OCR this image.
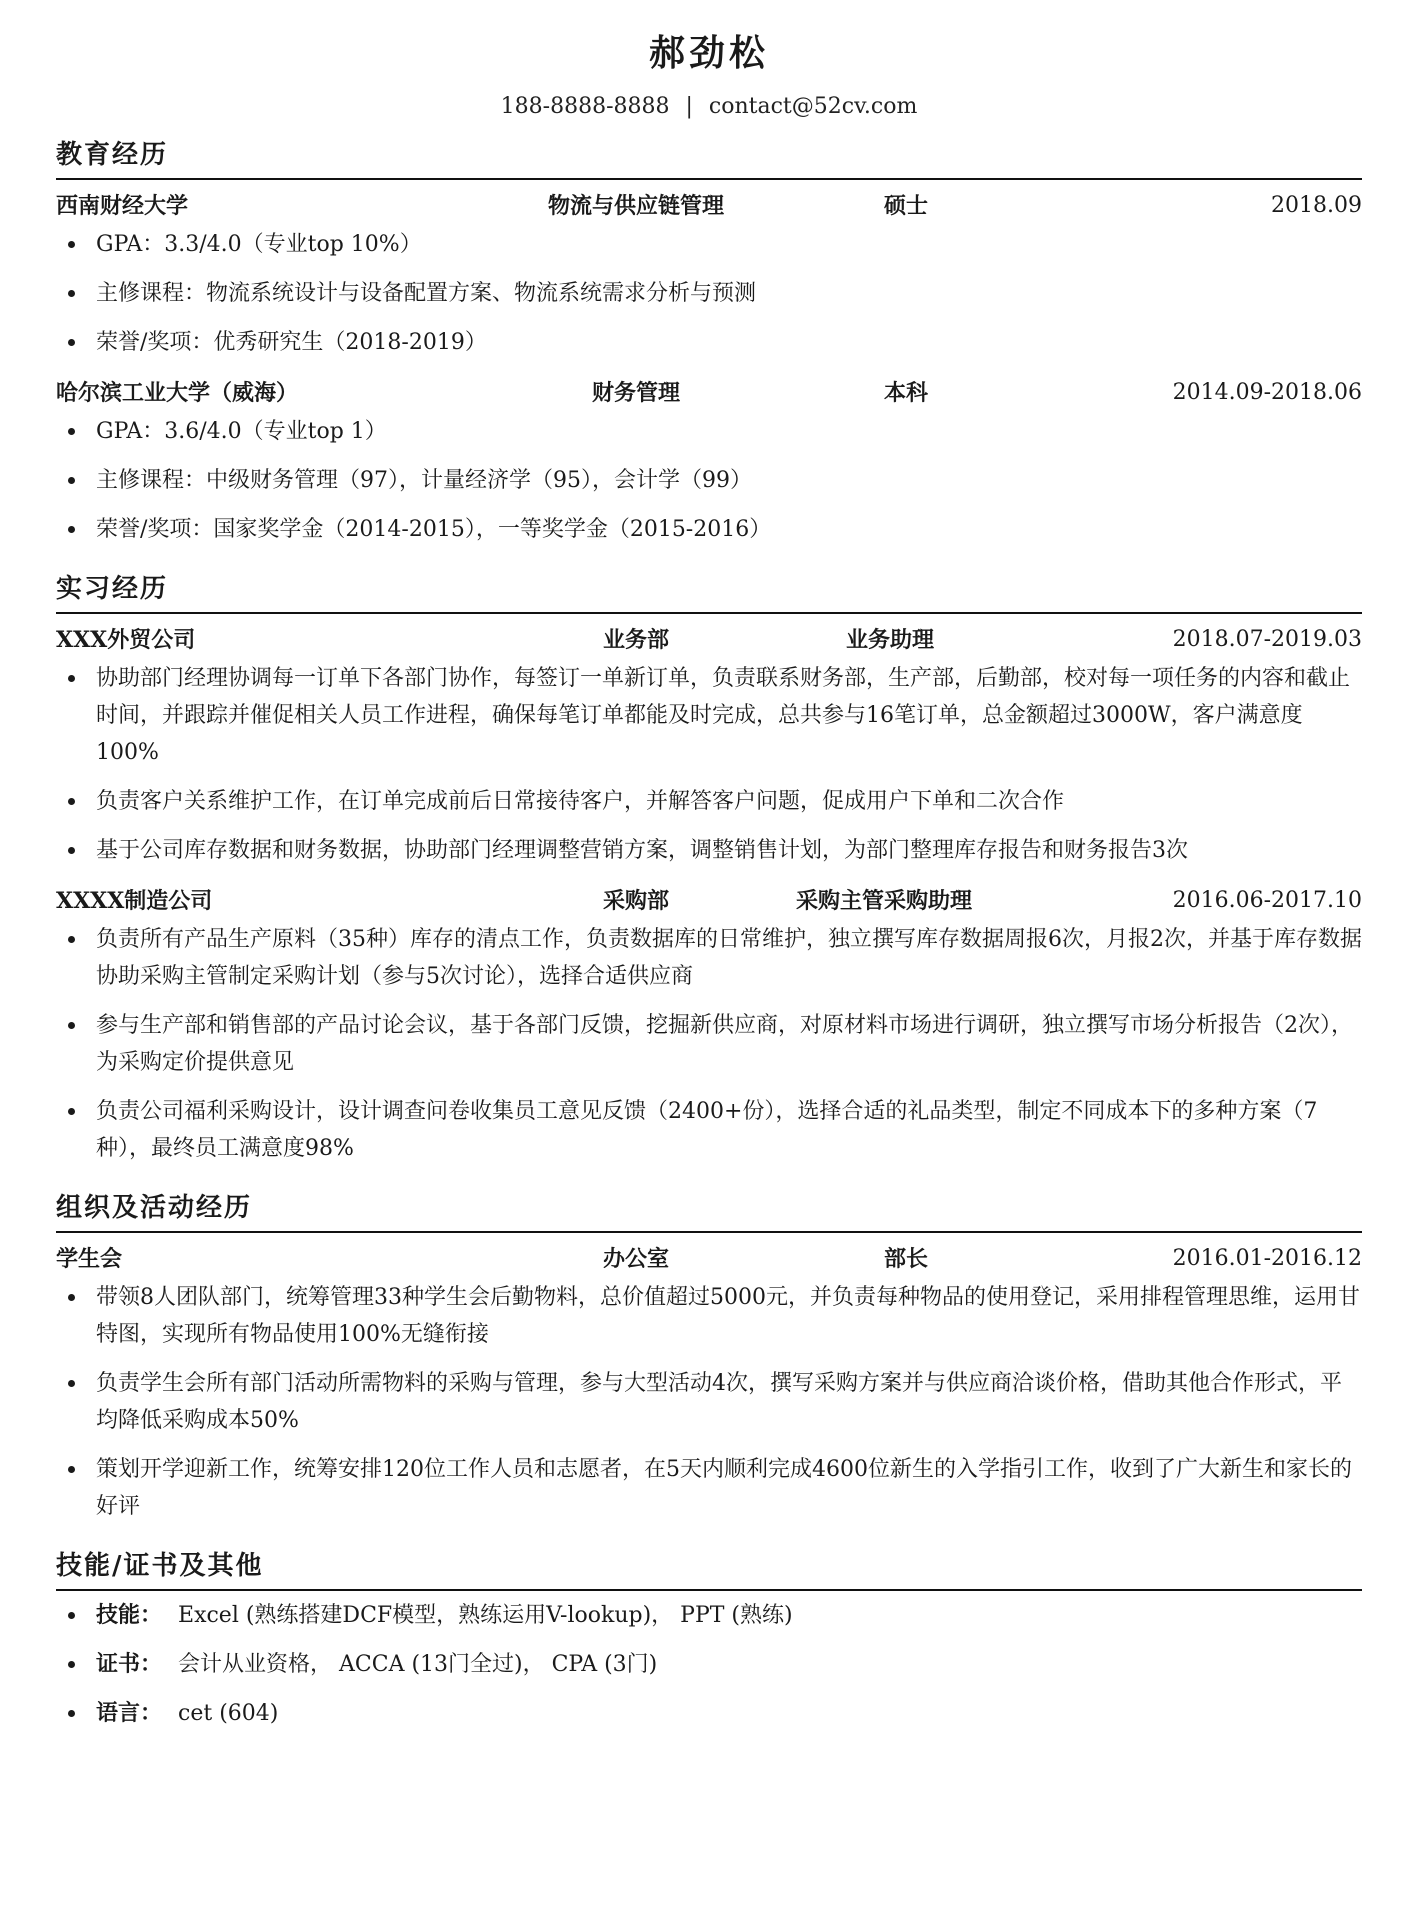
郝劲松
188-8888-8888 | contact@52cv.com
教育经历
西南财经大学	物流与供应链管理	硕士	2018.09
GPA：3.3/4.0（专业top 10%）
主修课程：物流系统设计与设备配置方案、物流系统需求分析与预测
荣誉/奖项：优秀研究生（2018-2019）
哈尔滨工业大学（威海）	财务管理	本科	2014.09-2018.06
GPA：3.6/4.0（专业top 1）
主修课程：中级财务管理（97），计量经济学（95），会计学（99）
荣誉/奖项：国家奖学金（2014-2015），一等奖学金（2015-2016）
实习经历
XXX外贸公司	业务部	业务助理	2018.07-2019.03
协助部门经理协调每一订单下各部门协作，每签订一单新订单，负责联系财务部，生产部，后勤部，校对每一项任务的内容和截止时间，并跟踪并催促相关人员工作进程，确保每笔订单都能及时完成，总共参与16笔订单，总金额超过3000W，客户满意度100%
负责客户关系维护工作，在订单完成前后日常接待客户，并解答客户问题，促成用户下单和二次合作
基于公司库存数据和财务数据，协助部门经理调整营销方案，调整销售计划，为部门整理库存报告和财务报告3次
XXXX制造公司	采购部	采购主管采购助理	2016.06-2017.10
负责所有产品生产原料（35种）库存的清点工作，负责数据库的日常维护，独立撰写库存数据周报6次，月报2次，并基于库存数据协助采购主管制定采购计划（参与5次讨论），选择合适供应商
参与生产部和销售部的产品讨论会议，基于各部门反馈，挖掘新供应商，对原材料市场进行调研，独立撰写市场分析报告（2次），为采购定价提供意见
负责公司福利采购设计，设计调查问卷收集员工意见反馈（2400+份），选择合适的礼品类型，制定不同成本下的多种方案（7种），最终员工满意度98%
组织及活动经历
学生会	办公室	部长	2016.01-2016.12
带领8人团队部门，统筹管理33种学生会后勤物料，总价值超过5000元，并负责每种物品的使用登记，采用排程管理思维，运用甘特图，实现所有物品使用100%无缝衔接
负责学生会所有部门活动所需物料的采购与管理，参与大型活动4次，撰写采购方案并与供应商洽谈价格，借助其他合作形式，平均降低采购成本50%
策划开学迎新工作，统筹安排120位工作人员和志愿者，在5天内顺利完成4600位新生的入学指引工作，收到了广大新生和家长的好评
技能/证书及其他
技能： Excel (熟练搭建DCF模型，熟练运用V-lookup)， PPT (熟练)
证书： 会计从业资格， ACCA (13门全过)， CPA (3门)
语言： cet (604)
